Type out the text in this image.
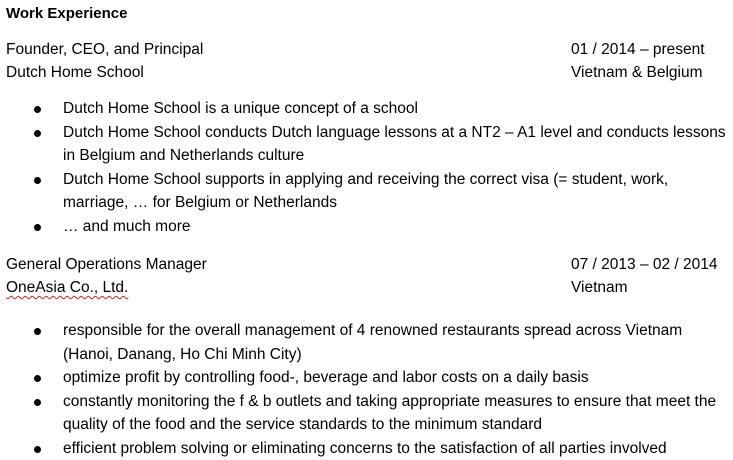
Work Experience
Founder, CEO, and Principal	01 / 2014 – present
Dutch Home School	Vietnam & Belgium
Dutch Home School is a unique concept of a school
Dutch Home School conducts Dutch language lessons at a NT2 – A1 level and conducts lessons in Belgium and Netherlands culture
Dutch Home School supports in applying and receiving the correct visa (= student, work, marriage, … for Belgium or Netherlands
… and much more
General Operations Manager	07 / 2013 – 02 / 2014
OneAsia Co., Ltd.	Vietnam
responsible for the overall management of 4 renowned restaurants spread across Vietnam (Hanoi, Danang, Ho Chi Minh City)
optimize profit by controlling food-, beverage and labor costs on a daily basis
constantly monitoring the f & b outlets and taking appropriate measures to ensure that meet the quality of the food and the service standards to the minimum standard
efficient problem solving or eliminating concerns to the satisfaction of all parties involved
